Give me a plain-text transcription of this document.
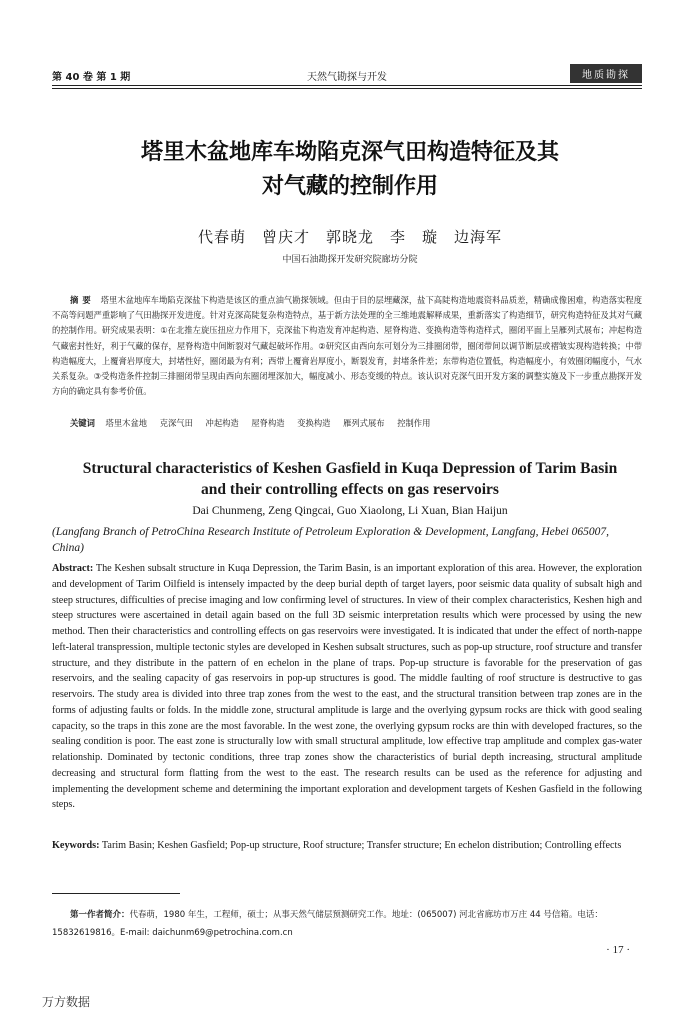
第 40 卷 第 1 期	天然气勘探与开发	地质勘探
塔里木盆地库车坳陷克深气田构造特征及其
对气藏的控制作用
代春萌　曾庆才　郭晓龙　李　璇　边海军
中国石油勘探开发研究院廊坊分院
摘要 塔里木盆地库车坳陷克深盐下构造是该区的重点油气勘探领域。但由于目的层埋藏深，盐下高陡构造地震资料品质差，精确成像困难，构造落实程度不高等问题严重影响了气田勘探开发进度。针对克深高陡复杂构造特点，基于新方法处理的全三维地震解释成果，重新落实了构造细节，研究构造特征及其对气藏的控制作用。研究成果表明：①在北推左旋压扭应力作用下，克深盐下构造发育冲起构造、屋脊构造、变换构造等构造样式，圈闭平面上呈雁列式展布；冲起构造气藏密封性好，利于气藏的保存，屋脊构造中间断裂对气藏起破坏作用。②研究区由西向东可划分为三排圈闭带，圈闭带间以调节断层或褶皱实现构造转换；中带构造幅度大，上覆膏岩厚度大，封堵性好，圈闭最为有利；西带上覆膏岩厚度小，断裂发育，封堵条件差；东带构造位置低，构造幅度小，有效圈闭幅度小，气水关系复杂。③受构造条件控制三排圈闭带呈现由西向东圈闭埋深加大，幅度减小、形态变缓的特点。该认识对克深气田开发方案的调整实施及下一步重点勘探开发方向的确定具有参考价值。
关键词 塔里木盆地 克深气田 冲起构造 屋脊构造 变换构造 雁列式展布 控制作用
Structural characteristics of Keshen Gasfield in Kuqa Depression of Tarim Basin
and their controlling effects on gas reservoirs
Dai Chunmeng, Zeng Qingcai, Guo Xiaolong, Li Xuan, Bian Haijun
(Langfang Branch of PetroChina Research Institute of Petroleum Exploration & Development, Langfang, Hebei 065007, China)
Abstract: The Keshen subsalt structure in Kuqa Depression, the Tarim Basin, is an important exploration of this area. However, the exploration and development of Tarim Oilfield is intensely impacted by the deep burial depth of target layers, poor seismic data quality of subsalt high and steep structures, difficulties of precise imaging and low confirming level of structures. In view of their complex characteristics, Keshen high and steep structures were ascertained in detail again based on the full 3D seismic interpretation results which were processed by using the new method. Then their characteristics and controlling effects on gas reservoirs were investigated. It is indicated that under the effect of north-nappe left-lateral transpression, multiple tectonic styles are developed in Keshen subsalt structures, such as pop-up structure, roof structure and transfer structure, and they distribute in the pattern of en echelon in the plane of traps. Pop-up structure is favorable for the preservation of gas reservoirs, and the sealing capacity of gas reservoirs in pop-up structures is good. The middle faulting of roof structure is destructive to gas reservoirs. The study area is divided into three trap zones from the west to the east, and the structural transition between trap zones are in the forms of adjusting faults or folds. In the middle zone, structural amplitude is large and the overlying gypsum rocks are thick with good sealing capacity, so the traps in this zone are the most favorable. In the west zone, the overlying gypsum rocks are thin with developed fractures, so the sealing condition is poor. The east zone is structurally low with small structural amplitude, low effective trap amplitude and complex gas-water relationship. Dominated by tectonic conditions, three trap zones show the characteristics of burial depth increasing, structural amplitude decreasing and structural form flatting from the west to the east. The research results can be used as the reference for adjusting and implementing the development scheme and determining the important exploration and development targets of Keshen Gasfield in the following steps.
Keywords: Tarim Basin; Keshen Gasfield; Pop-up structure, Roof structure; Transfer structure; En echelon distribution; Controlling effects
第一作者简介：代春萌，1980 年生，工程师，硕士；从事天然气储层预测研究工作。地址：(065007) 河北省廊坊市万庄 44 号信箱。电话：15832619816。E-mail: daichunm69@petrochina.com.cn
· 17 ·
万方数据
